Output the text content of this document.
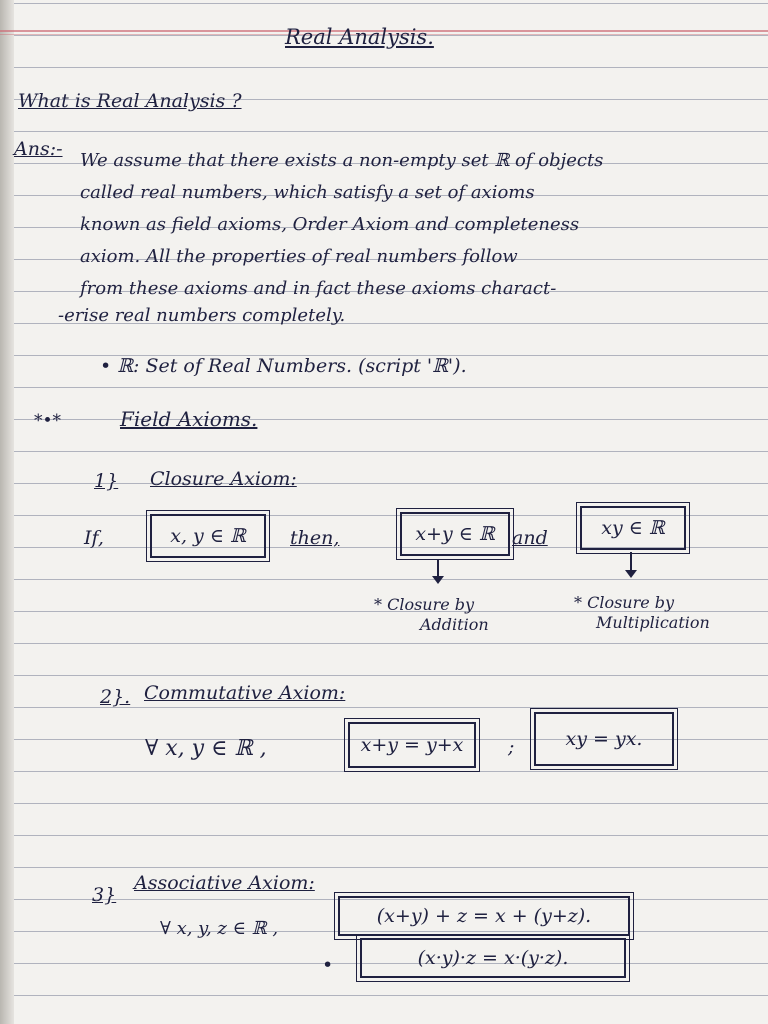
Real Analysis.
What is Real Analysis ?
Ans:-
We assume that there exists a non-empty set ℝ of objects
called real numbers, which satisfy a set of axioms
known as field axioms, Order Axiom and completeness
axiom. All the properties of real numbers follow
from these axioms and in fact these axioms charact-
-erise real numbers completely.
• ℝ: Set of Real Numbers. (script 'ℝ').
*•*	Field Axioms.
1} Closure Axiom:
If,	x, y ∈ ℝ	then,	x+y ∈ ℝ and	xy ∈ ℝ
* Closure by
Addition
* Closure by
Multiplication
2}. Commutative Axiom:
∀ x, y ∈ ℝ ,	x+y = y+x	;	xy = yx.
3}
Associative Axiom:
∀ x, y, z ∈ ℝ ,
(x+y) + z = x + (y+z).
•	(x·y)·z = x·(y·z).
